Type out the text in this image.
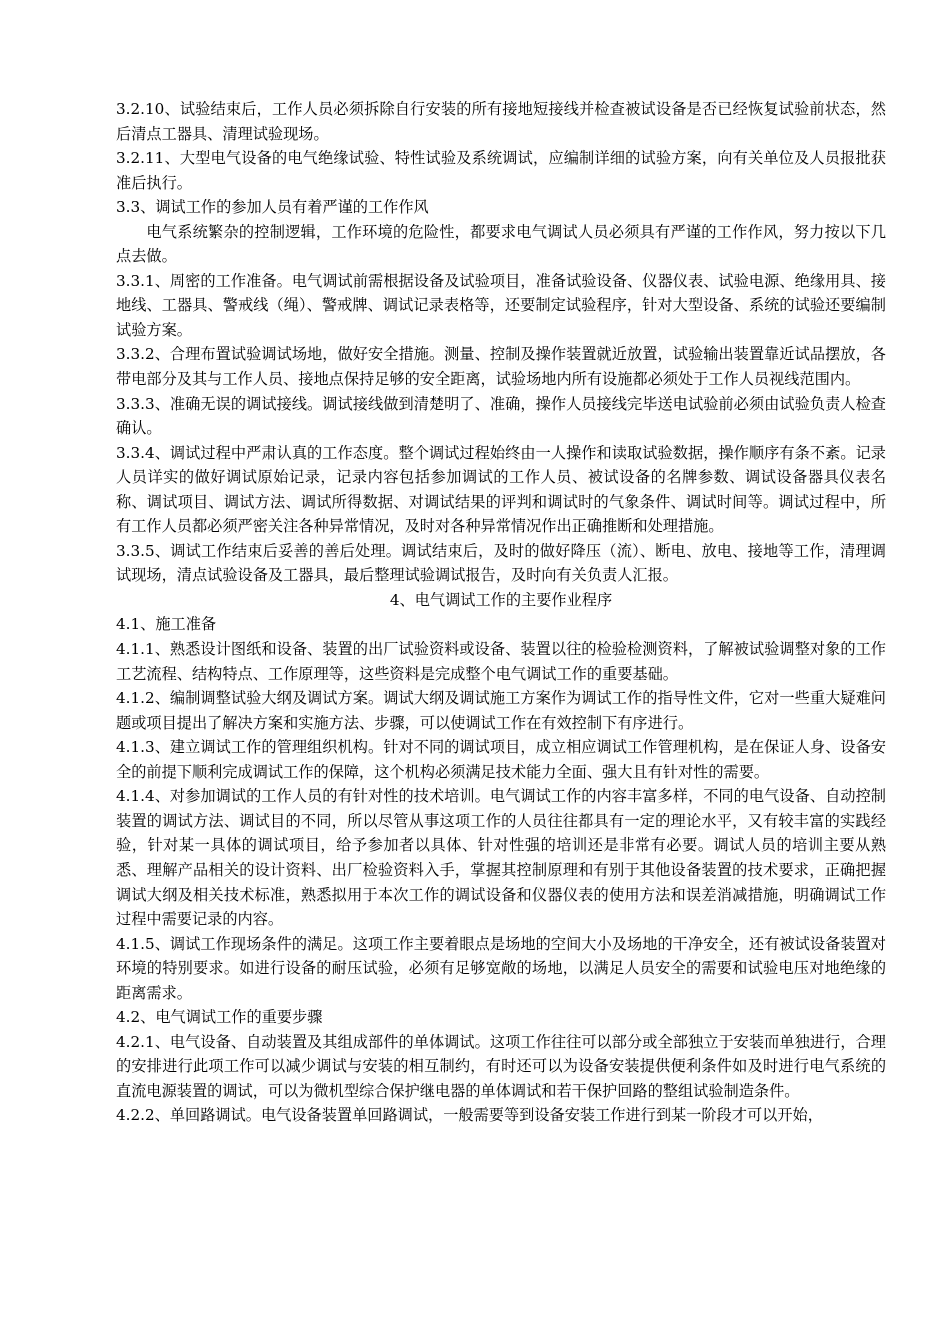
3.2.10、试验结束后，工作人员必须拆除自行安装的所有接地短接线并检查被试设备是否已经恢复试验前状态，然后清点工器具、清理试验现场。

3.2.11、大型电气设备的电气绝缘试验、特性试验及系统调试，应编制详细的试验方案，向有关单位及人员报批获准后执行。

3.3、调试工作的参加人员有着严谨的工作作风

电气系统繁杂的控制逻辑，工作环境的危险性，都要求电气调试人员必须具有严谨的工作作风，努力按以下几点去做。

3.3.1、周密的工作准备。电气调试前需根据设备及试验项目，准备试验设备、仪器仪表、试验电源、绝缘用具、接地线、工器具、警戒线（绳）、警戒牌、调试记录表格等，还要制定试验程序，针对大型设备、系统的试验还要编制试验方案。

3.3.2、合理布置试验调试场地，做好安全措施。测量、控制及操作装置就近放置，试验输出装置靠近试品摆放，各带电部分及其与工作人员、接地点保持足够的安全距离，试验场地内所有设施都必须处于工作人员视线范围内。

3.3.3、准确无误的调试接线。调试接线做到清楚明了、准确，操作人员接线完毕送电试验前必须由试验负责人检查确认。

3.3.4、调试过程中严肃认真的工作态度。整个调试过程始终由一人操作和读取试验数据，操作顺序有条不紊。记录人员详实的做好调试原始记录，记录内容包括参加调试的工作人员、被试设备的名牌参数、调试设备器具仪表名称、调试项目、调试方法、调试所得数据、对调试结果的评判和调试时的气象条件、调试时间等。调试过程中，所有工作人员都必须严密关注各种异常情况，及时对各种异常情况作出正确推断和处理措施。

3.3.5、调试工作结束后妥善的善后处理。调试结束后，及时的做好降压（流）、断电、放电、接地等工作，清理调试现场，清点试验设备及工器具，最后整理试验调试报告，及时向有关负责人汇报。

4、电气调试工作的主要作业程序

4.1、施工准备

4.1.1、熟悉设计图纸和设备、装置的出厂试验资料或设备、装置以往的检验检测资料，了解被试验调整对象的工作工艺流程、结构特点、工作原理等，这些资料是完成整个电气调试工作的重要基础。

4.1.2、编制调整试验大纲及调试方案。调试大纲及调试施工方案作为调试工作的指导性文件，它对一些重大疑难问题或项目提出了解决方案和实施方法、步骤，可以使调试工作在有效控制下有序进行。

4.1.3、建立调试工作的管理组织机构。针对不同的调试项目，成立相应调试工作管理机构，是在保证人身、设备安全的前提下顺利完成调试工作的保障，这个机构必须满足技术能力全面、强大且有针对性的需要。

4.1.4、对参加调试的工作人员的有针对性的技术培训。电气调试工作的内容丰富多样，不同的电气设备、自动控制装置的调试方法、调试目的不同，所以尽管从事这项工作的人员往往都具有一定的理论水平，又有较丰富的实践经验，针对某一具体的调试项目，给予参加者以具体、针对性强的培训还是非常有必要。调试人员的培训主要从熟悉、理解产品相关的设计资料、出厂检验资料入手，掌握其控制原理和有别于其他设备装置的技术要求，正确把握调试大纲及相关技术标准，熟悉拟用于本次工作的调试设备和仪器仪表的使用方法和误差消减措施，明确调试工作过程中需要记录的内容。

4.1.5、调试工作现场条件的满足。这项工作主要着眼点是场地的空间大小及场地的干净安全，还有被试设备装置对环境的特别要求。如进行设备的耐压试验，必须有足够宽敞的场地，以满足人员安全的需要和试验电压对地绝缘的距离需求。

4.2、电气调试工作的重要步骤

4.2.1、电气设备、自动装置及其组成部件的单体调试。这项工作往往可以部分或全部独立于安装而单独进行，合理的安排进行此项工作可以减少调试与安装的相互制约，有时还可以为设备安装提供便利条件如及时进行电气系统的直流电源装置的调试，可以为微机型综合保护继电器的单体调试和若干保护回路的整组试验制造条件。

4.2.2、单回路调试。电气设备装置单回路调试，一般需要等到设备安装工作进行到某一阶段才可以开始，
